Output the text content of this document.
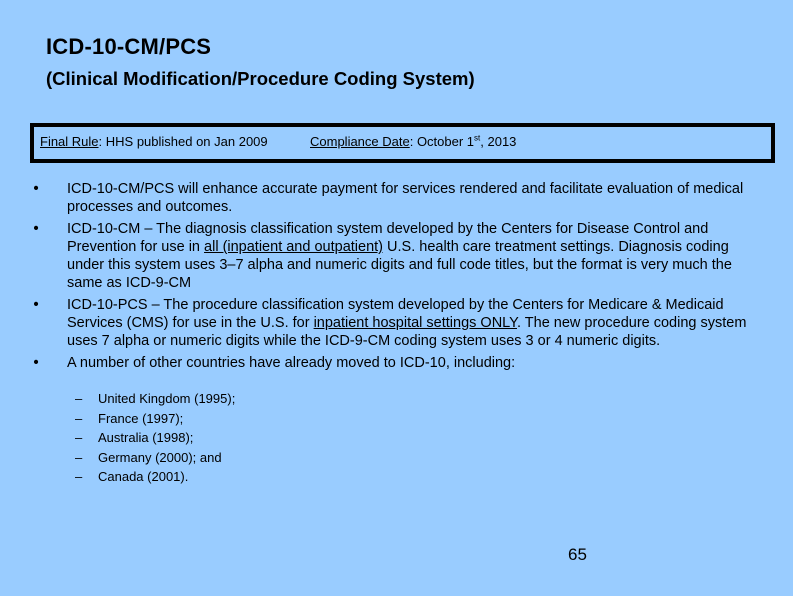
ICD-10-CM/PCS
(Clinical Modification/Procedure Coding System)
Final Rule: HHS published on Jan 2009	Compliance Date: October 1st, 2013
• ICD-10-CM/PCS will enhance accurate payment for services rendered and facilitate evaluation of medical processes and outcomes.
• ICD-10-CM – The diagnosis classification system developed by the Centers for Disease Control and Prevention for use in all (inpatient and outpatient) U.S. health care treatment settings. Diagnosis coding under this system uses 3–7 alpha and numeric digits and full code titles, but the format is very much the same as ICD-9-CM
• ICD-10-PCS – The procedure classification system developed by the Centers for Medicare & Medicaid Services (CMS) for use in the U.S. for inpatient hospital settings ONLY. The new procedure coding system uses 7 alpha or numeric digits while the ICD-9-CM coding system uses 3 or 4 numeric digits.
• A number of other countries have already moved to ICD-10, including:
– United Kingdom (1995);
– France (1997);
– Australia (1998);
– Germany (2000); and
– Canada (2001).
65
